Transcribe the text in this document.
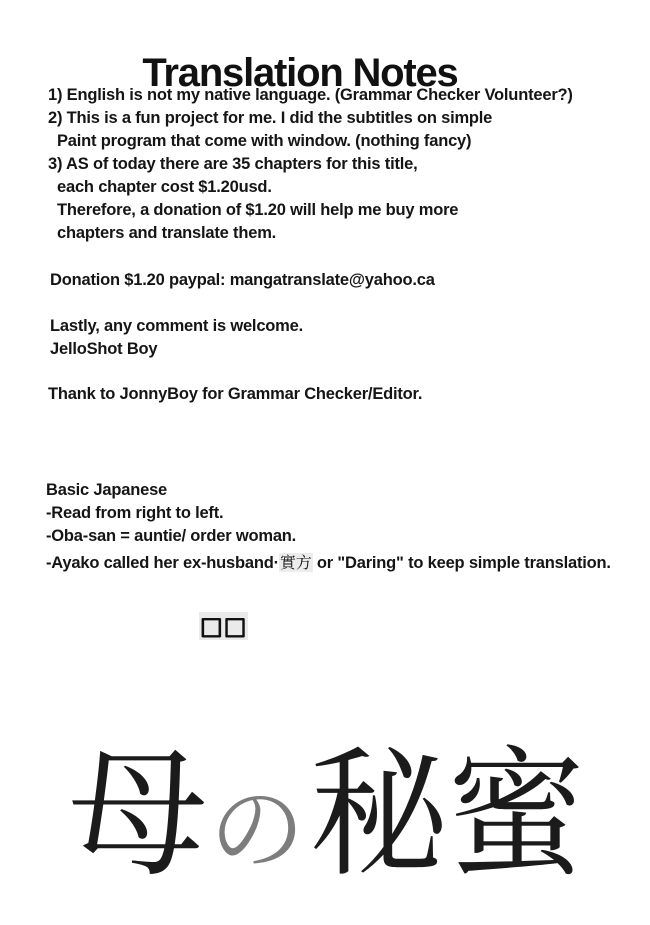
Translation Notes
1) English is not my native language. (Grammar Checker Volunteer?)
2) This is a fun project for me. I did the subtitles on simple
Paint program that come with window. (nothing fancy)
3) AS of today there are 35 chapters for this title,
each chapter cost $1.20usd.
Therefore, a donation of $1.20 will help me buy more
chapters and translate them.
Donation $1.20 paypal: mangatranslate@yahoo.ca
Lastly, any comment is welcome.
JelloShot Boy
Thank to JonnyBoy for Grammar Checker/Editor.
Basic Japanese
-Read from right to left.
-Oba-san = auntie/ order woman.
-Ayako called her ex-husband·實方 or "Daring" to keep simple translation.
□□
母の秘蜜
